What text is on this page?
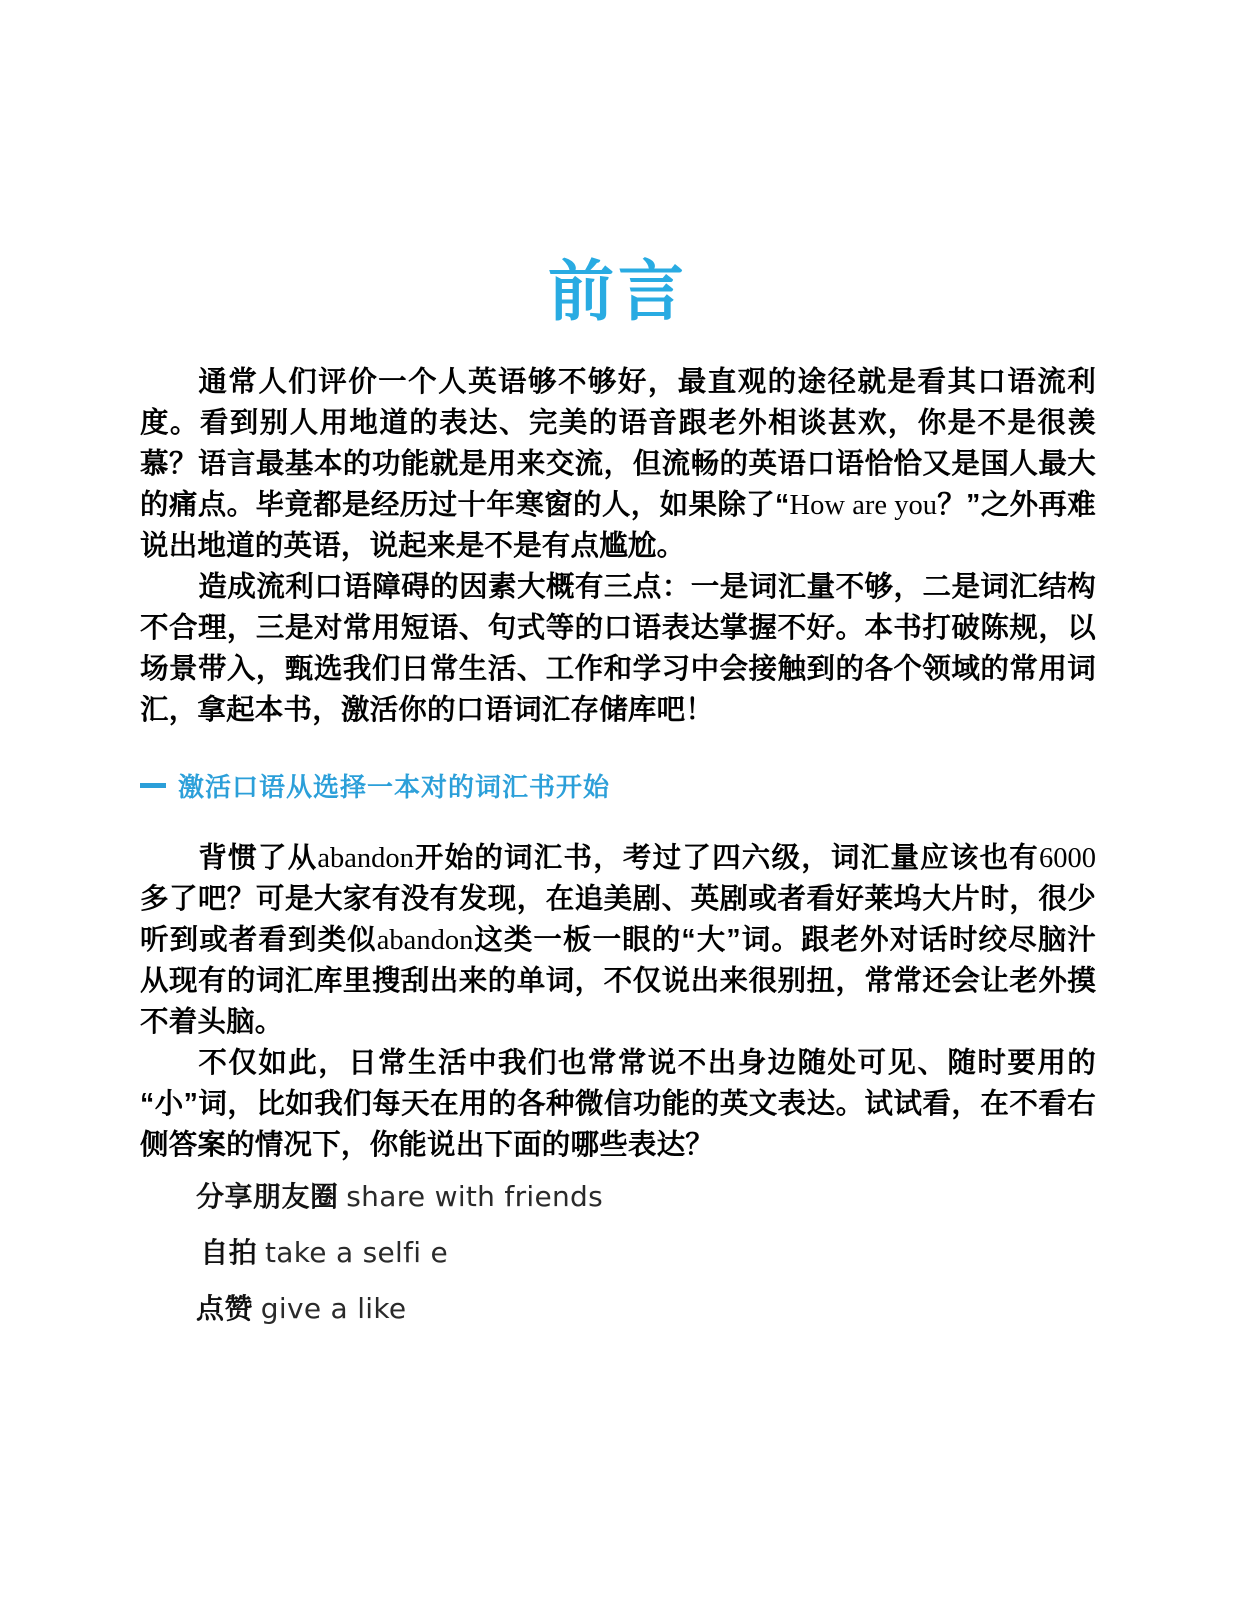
前言

通常人们评价一个人英语够不够好，最直观的途径就是看其口语流利度。看到别人用地道的表达、完美的语音跟老外相谈甚欢，你是不是很羡慕？语言最基本的功能就是用来交流，但流畅的英语口语恰恰又是国人最大的痛点。毕竟都是经历过十年寒窗的人，如果除了“How are you？”之外再难说出地道的英语，说起来是不是有点尴尬。

造成流利口语障碍的因素大概有三点：一是词汇量不够，二是词汇结构不合理，三是对常用短语、句式等的口语表达掌握不好。本书打破陈规，以场景带入，甄选我们日常生活、工作和学习中会接触到的各个领域的常用词汇，拿起本书，激活你的口语词汇存储库吧！

激活口语从选择一本对的词汇书开始

背惯了从abandon开始的词汇书，考过了四六级，词汇量应该也有6000多了吧？可是大家有没有发现，在追美剧、英剧或者看好莱坞大片时，很少听到或者看到类似abandon这类一板一眼的“大”词。跟老外对话时绞尽脑汁从现有的词汇库里搜刮出来的单词，不仅说出来很别扭，常常还会让老外摸不着头脑。

不仅如此，日常生活中我们也常常说不出身边随处可见、随时要用的“小”词，比如我们每天在用的各种微信功能的英文表达。试试看，在不看右侧答案的情况下，你能说出下面的哪些表达？

分享朋友圈 share with friends
自拍 take a selfi e
点赞 give a like
